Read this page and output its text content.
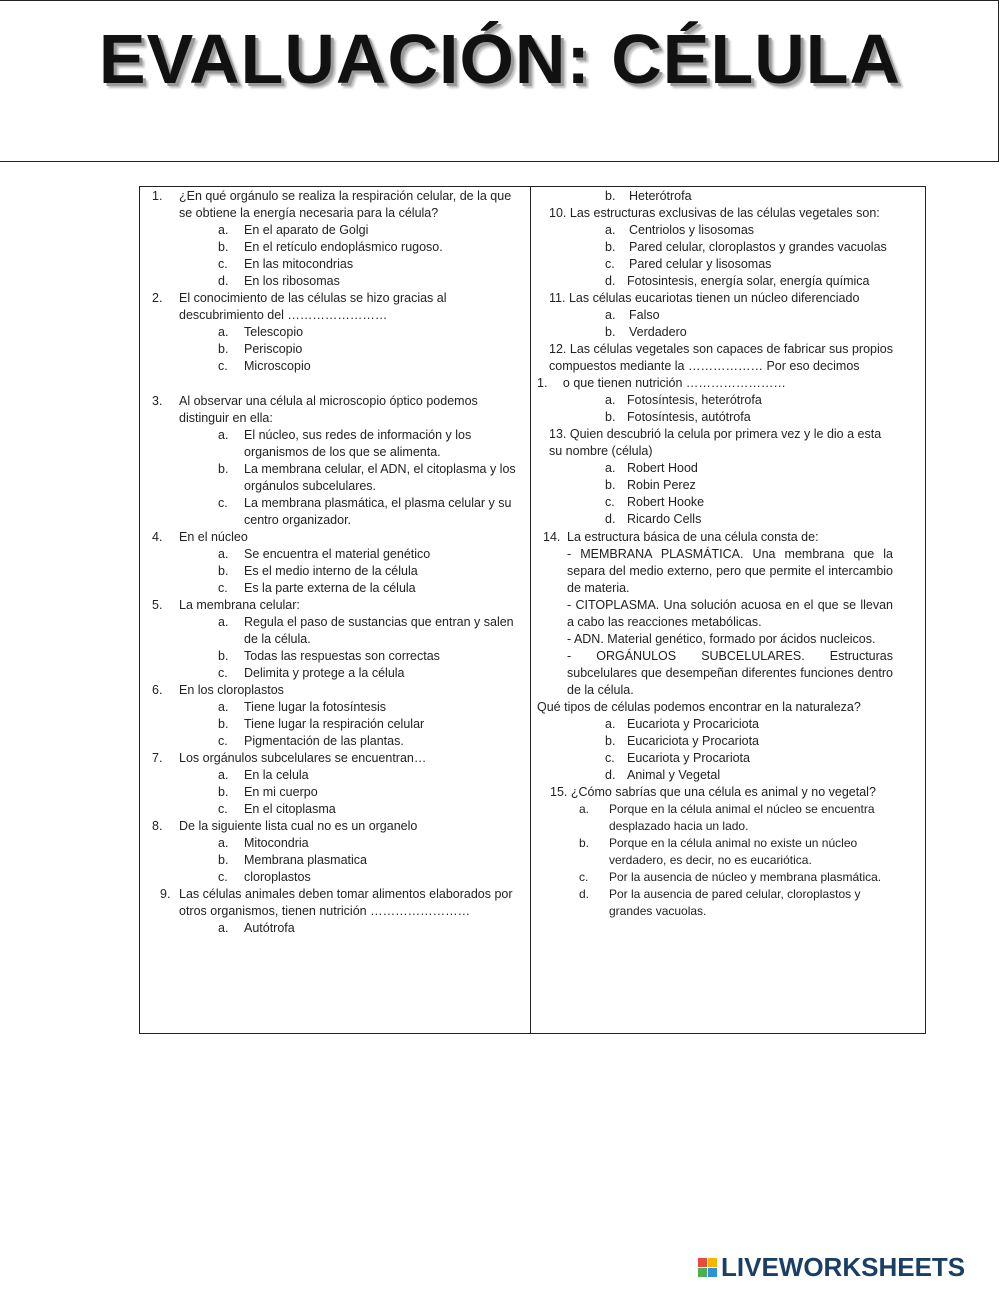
EVALUACIÓN: CÉLULA
1.	¿En qué orgánulo se realiza la respiración celular, de la que se obtiene la energía necesaria para la célula?
a. En el aparato de Golgi
b. En el retículo endoplásmico rugoso.
c. En las mitocondrias
d. En los ribosomas
2.	El conocimiento de las células se hizo gracias al descubrimiento del ……………………
a. Telescopio
b. Periscopio
c. Microscopio
3.	Al observar una célula al microscopio óptico podemos distinguir en ella:
a. El núcleo, sus redes de información y los organismos de los que se alimenta.
b. La membrana celular, el ADN, el citoplasma y los orgánulos subcelulares.
c. La membrana plasmática, el plasma celular y su centro organizador.
4.	En el núcleo
a. Se encuentra el material genético
b. Es el medio interno de la célula
c. Es la parte externa de la célula
5.	La membrana celular:
a. Regula el paso de sustancias que entran y salen de la célula.
b. Todas las respuestas son correctas
c. Delimita y protege a la célula
6.	En los cloroplastos
a. Tiene lugar la fotosíntesis
b. Tiene lugar la respiración celular
c. Pigmentación de las plantas.
7.	Los orgánulos subcelulares se encuentran…
a. En la celula
b. En mi cuerpo
c. En el citoplasma
8.	De la siguiente lista cual no es un organelo
a. Mitocondria
b. Membrana plasmatica
c. cloroplastos
9. Las células animales deben tomar alimentos elaborados por otros organismos, tienen nutrición ……………………
a. Autótrofa
b. Heterótrofa
10. Las estructuras exclusivas de las células vegetales son:
a. Centriolos y lisosomas
b. Pared celular, cloroplastos y grandes vacuolas
c. Pared celular y lisosomas
d. Fotosintesis, energía solar, energía química
11. Las células eucariotas tienen un núcleo diferenciado
a. Falso
b. Verdadero
12. Las células vegetales son capaces de fabricar sus propios compuestos mediante la ……………… Por eso decimos
1. o que tienen nutrición ……………………
a. Fotosíntesis, heterótrofa
b. Fotosíntesis, autótrofa
13. Quien descubrió la celula por primera vez y le dio a esta su nombre (célula)
a. Robert Hood
b. Robin Perez
c. Robert Hooke
d. Ricardo Cells
14. La estructura básica de una célula consta de:
- MEMBRANA PLASMÁTICA. Una membrana que la separa del medio externo, pero que permite el intercambio de materia.
- CITOPLASMA. Una solución acuosa en el que se llevan a cabo las reacciones metabólicas.
- ADN. Material genético, formado por ácidos nucleicos.
- ORGÁNULOS SUBCELULARES. Estructuras subcelulares que desempeñan diferentes funciones dentro de la célula.
Qué tipos de células podemos encontrar en la naturaleza?
a. Eucariota y Procariciota
b. Eucariciota y Procariota
c. Eucariota y Procariota
d. Animal y Vegetal
15. ¿Cómo sabrías que una célula es animal y no vegetal?
a. Porque en la célula animal el núcleo se encuentra desplazado hacia un lado.
b. Porque en la célula animal no existe un núcleo verdadero, es decir, no es eucariótica.
c. Por la ausencia de núcleo y membrana plasmática.
d. Por la ausencia de pared celular, cloroplastos y grandes vacuolas.
LIVEWORKSHEETS
